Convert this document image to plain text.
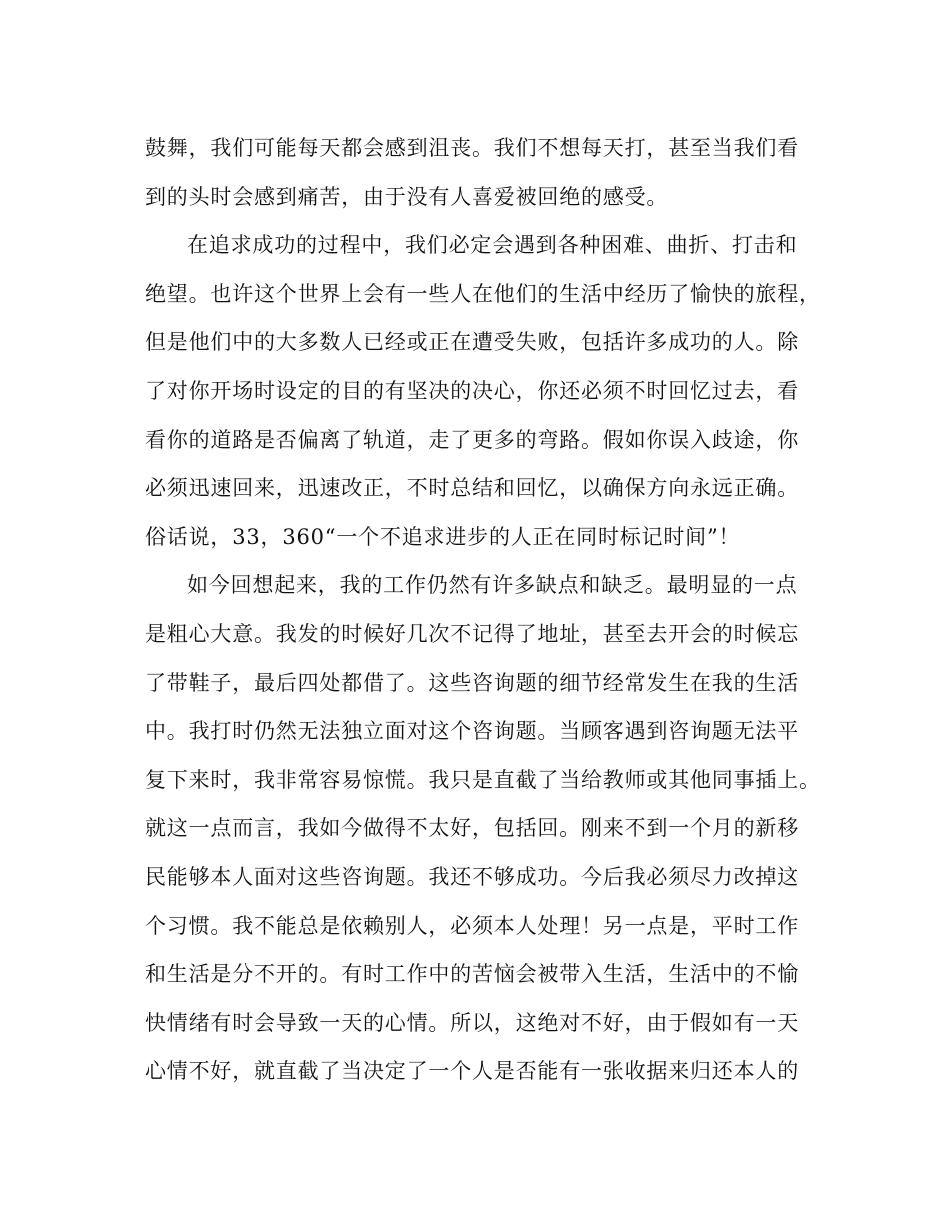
鼓舞，我们可能每天都会感到沮丧。我们不想每天打，甚至当我们看
到的头时会感到痛苦，由于没有人喜爱被回绝的感受。
在追求成功的过程中，我们必定会遇到各种困难、曲折、打击和
绝望。也许这个世界上会有一些人在他们的生活中经历了愉快的旅程，
但是他们中的大多数人已经或正在遭受失败，包括许多成功的人。除
了对你开场时设定的目的有坚决的决心，你还必须不时回忆过去，看
看你的道路是否偏离了轨道，走了更多的弯路。假如你误入歧途，你
必须迅速回来，迅速改正，不时总结和回忆，以确保方向永远正确。
俗话说，33，360“一个不追求进步的人正在同时标记时间”！
如今回想起来，我的工作仍然有许多缺点和缺乏。最明显的一点
是粗心大意。我发的时候好几次不记得了地址，甚至去开会的时候忘
了带鞋子，最后四处都借了。这些咨询题的细节经常发生在我的生活
中。我打时仍然无法独立面对这个咨询题。当顾客遇到咨询题无法平
复下来时，我非常容易惊慌。我只是直截了当给教师或其他同事插上。
就这一点而言，我如今做得不太好，包括回。刚来不到一个月的新移
民能够本人面对这些咨询题。我还不够成功。今后我必须尽力改掉这
个习惯。我不能总是依赖别人，必须本人处理！另一点是，平时工作
和生活是分不开的。有时工作中的苦恼会被带入生活，生活中的不愉
快情绪有时会导致一天的心情。所以，这绝对不好，由于假如有一天
心情不好，就直截了当决定了一个人是否能有一张收据来归还本人的
